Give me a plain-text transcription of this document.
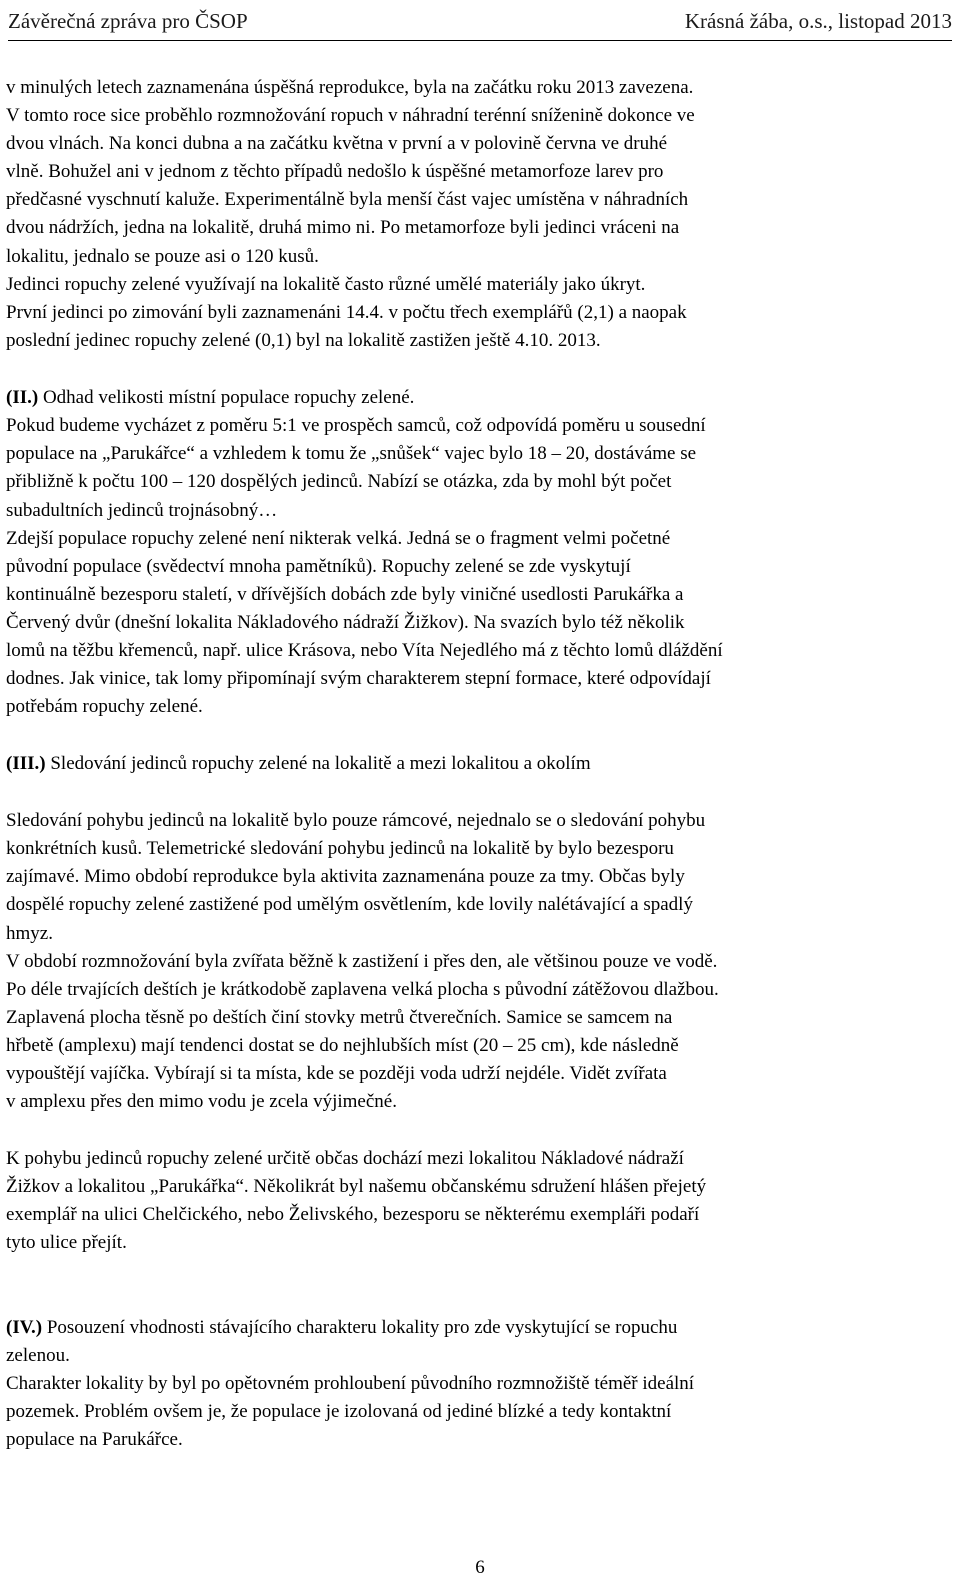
Závěrečná zpráva pro ČSOP	Krásná žába, o.s., listopad 2013
v minulých letech zaznamenána úspěšná reprodukce, byla na začátku roku 2013 zavezena.
V tomto roce sice proběhlo rozmnožování ropuch v náhradní terénní sníženině dokonce ve
dvou vlnách. Na konci dubna a na začátku května v první a v polovině června ve druhé
vlně. Bohužel ani v jednom z těchto případů nedošlo k úspěšné metamorfoze larev pro
předčasné vyschnutí kaluže. Experimentálně byla menší část vajec umístěna v náhradních
dvou nádržích, jedna na lokalitě, druhá mimo ni. Po metamorfoze byli jedinci vráceni na
lokalitu, jednalo se pouze asi o 120 kusů.
Jedinci ropuchy zelené využívají na lokalitě často různé umělé materiály jako úkryt.
První jedinci po zimování byli zaznamenáni 14.4. v počtu třech exemplářů (2,1) a naopak
poslední jedinec ropuchy zelené (0,1) byl na lokalitě zastižen ještě 4.10. 2013.
(II.) Odhad velikosti místní populace ropuchy zelené.
Pokud budeme vycházet z poměru 5:1 ve prospěch samců, což odpovídá poměru u sousední
populace na „Parukářce“ a vzhledem k tomu že „snůšek“ vajec bylo 18 – 20, dostáváme se
přibližně k počtu 100 – 120 dospělých jedinců. Nabízí se otázka, zda by mohl být počet
subadultních jedinců trojnásobný…
Zdejší populace ropuchy zelené není nikterak velká. Jedná se o fragment velmi početné
původní populace (svědectví mnoha pamětníků). Ropuchy zelené se zde vyskytují
kontinuálně bezesporu staletí, v dřívějších dobách zde byly viničné usedlosti Parukářka a
Červený dvůr (dnešní lokalita Nákladového nádraží Žižkov). Na svazích bylo též několik
lomů na těžbu křemenců, např. ulice Krásova, nebo Víta Nejedlého má z těchto lomů dláždění
dodnes. Jak vinice, tak lomy připomínají svým charakterem stepní formace, které odpovídají
potřebám ropuchy zelené.
(III.) Sledování jedinců ropuchy zelené na lokalitě a mezi lokalitou a okolím
Sledování pohybu jedinců na lokalitě bylo pouze rámcové, nejednalo se o sledování pohybu
konkrétních kusů. Telemetrické sledování pohybu jedinců na lokalitě by bylo bezesporu
zajímavé. Mimo období reprodukce byla aktivita zaznamenána pouze za tmy. Občas byly
dospělé ropuchy zelené zastižené pod umělým osvětlením, kde lovily nalétávající a spadlý
hmyz.
V období rozmnožování byla zvířata běžně k zastižení i přes den, ale většinou pouze ve vodě.
Po déle trvajících deštích je krátkodobě zaplavena velká plocha s původní zátěžovou dlažbou.
Zaplavená plocha těsně po deštích činí stovky metrů čtverečních. Samice se samcem na
hřbetě (amplexu) mají tendenci dostat se do nejhlubších míst (20 – 25 cm), kde následně
vypouštějí vajíčka. Vybírají si ta místa, kde se později voda udrží nejdéle. Vidět zvířata
v amplexu přes den mimo vodu je zcela výjimečné.
K pohybu jedinců ropuchy zelené určitě občas dochází mezi lokalitou Nákladové nádraží
Žižkov a lokalitou „Parukářka“. Několikrát byl našemu občanskému sdružení hlášen přejetý
exemplář na ulici Chelčického, nebo Želivského, bezesporu se některému exempláři podaří
tyto ulice přejít.
(IV.) Posouzení vhodnosti stávajícího charakteru lokality pro zde vyskytující se ropuchu
zelenou.
Charakter lokality by byl po opětovném prohloubení původního rozmnožiště téměř ideální
pozemek. Problém ovšem je, že populace je izolovaná od jediné blízké a tedy kontaktní
populace na Parukářce.
6
